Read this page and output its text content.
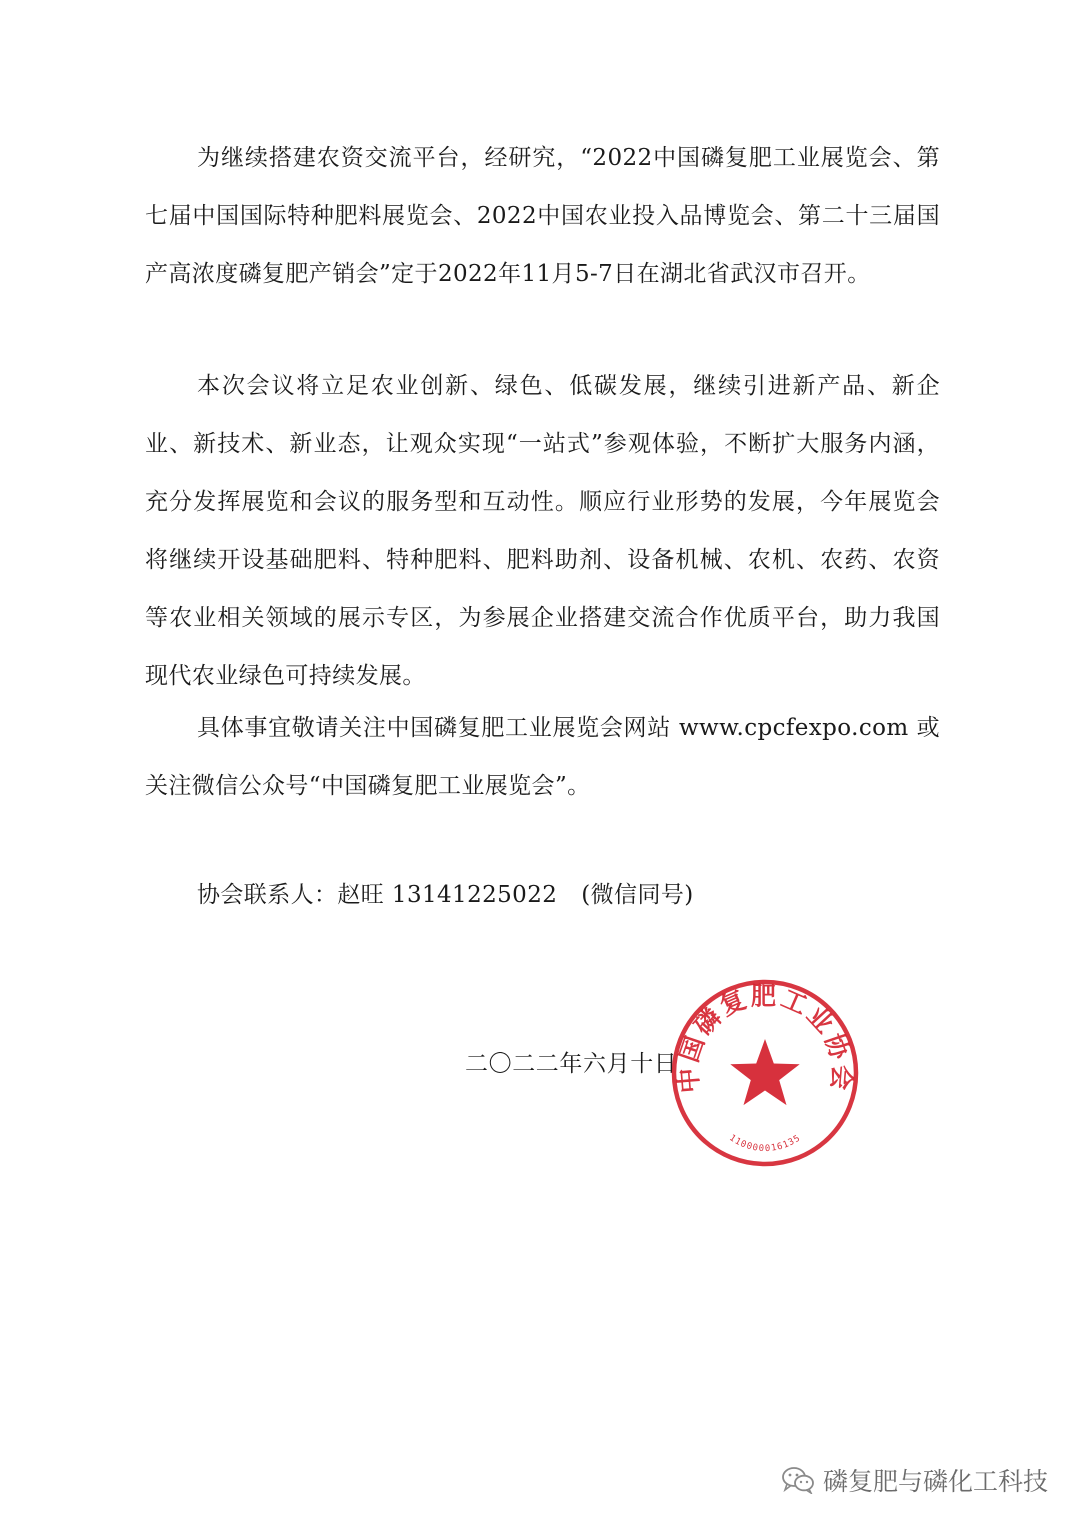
为继续搭建农资交流平台，经研究，“2022中国磷复肥工业展览会、第七届中国国际特种肥料展览会、2022中国农业投入品博览会、第二十三届国产高浓度磷复肥产销会”定于2022年11月5-7日在湖北省武汉市召开。

本次会议将立足农业创新、绿色、低碳发展，继续引进新产品、新企业、新技术、新业态，让观众实现“一站式”参观体验，不断扩大服务内涵，充分发挥展览和会议的服务型和互动性。顺应行业形势的发展，今年展览会将继续开设基础肥料、特种肥料、肥料助剂、设备机械、农机、农药、农资等农业相关领域的展示专区，为参展企业搭建交流合作优质平台，助力我国现代农业绿色可持续发展。

具体事宜敬请关注中国磷复肥工业展览会网站 www.cpcfexpo.com 或关注微信公众号“中国磷复肥工业展览会”。

协会联系人：赵旺 13141225022 (微信同号)
二〇二二年六月十日
中国磷复肥工业协会
110000016135
磷复肥与磷化工科技
